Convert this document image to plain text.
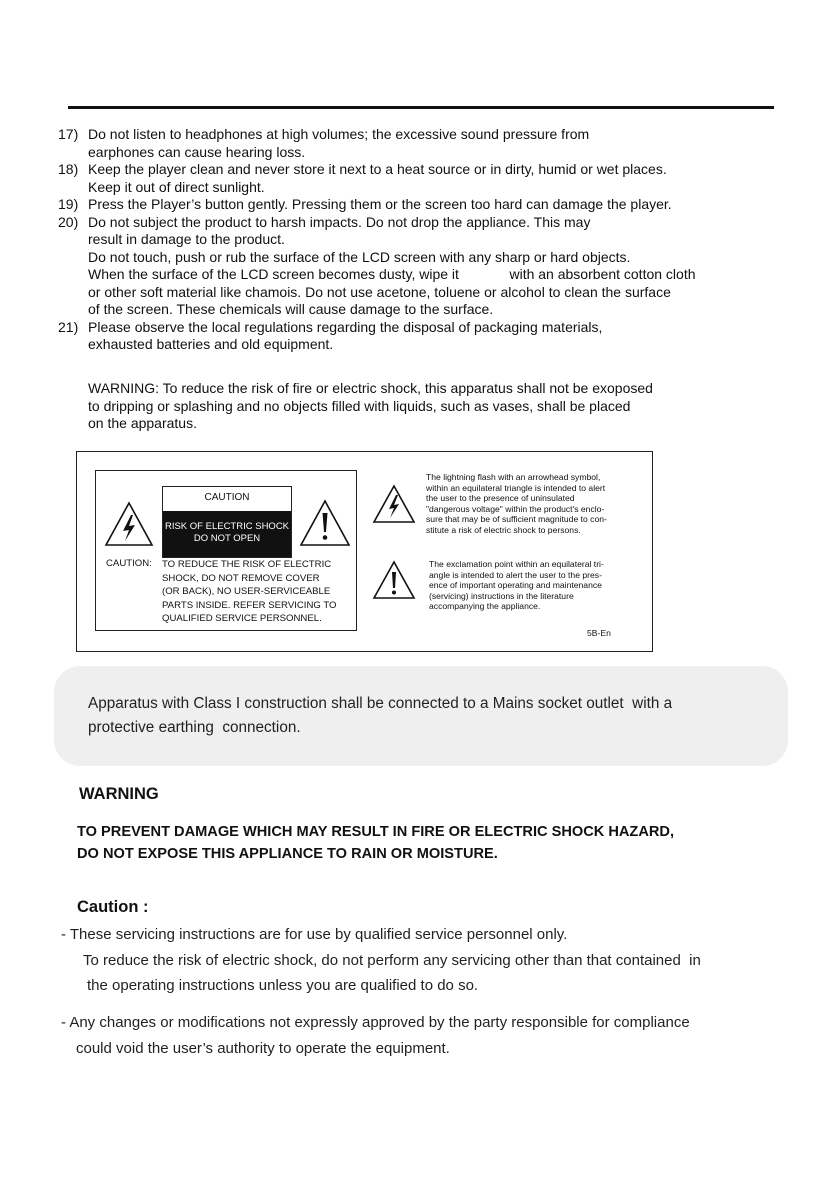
17) Do not listen to headphones at high volumes; the excessive sound pressure from
earphones can cause hearing loss.
18) Keep the player clean and never store it next to a heat source or in dirty, humid or wet places.
Keep it out of direct sunlight.
19) Press the Player’s button gently. Pressing them or the screen too hard can damage the player.
20) Do not subject the product to harsh impacts. Do not drop the appliance. This may
result in damage to the product.
Do not touch, push or rub the surface of the LCD screen with any sharp or hard objects.
When the surface of the LCD screen becomes dusty, wipe it             with an absorbent cotton cloth
or other soft material like chamois. Do not use acetone, toluene or alcohol to clean the surface
of the screen. These chemicals will cause damage to the surface.
21) Please observe the local regulations regarding the disposal of packaging materials,
exhausted batteries and old equipment.
WARNING: To reduce the risk of fire or electric shock, this apparatus shall not be exoposed
to dripping or splashing and no objects filled with liquids, such as vases, shall be placed
on the apparatus.
CAUTION
RISK OF ELECTRIC SHOCK
DO NOT OPEN
CAUTION: TO REDUCE THE RISK OF ELECTRIC
SHOCK, DO NOT REMOVE COVER
(OR BACK), NO USER-SERVICEABLE
PARTS INSIDE. REFER SERVICING TO
QUALIFIED SERVICE PERSONNEL.
The lightning flash with an arrowhead symbol,
within an equilateral triangle is intended to alert
the user to the presence of uninsulated
"dangerous voltage" within the product's enclo-
sure that may be of sufficient magnitude to con-
stitute a risk of electric shock to persons.
The exclamation point within an equilateral tri-
angle is intended to alert the user to the pres-
ence of important operating and maintenance
(servicing) instructions in the literature
accompanying the appliance.
5B-En
Apparatus with Class I construction shall be connected to a Mains socket outlet  with a
protective earthing  connection.
WARNING
TO PREVENT DAMAGE WHICH MAY RESULT IN FIRE OR ELECTRIC SHOCK HAZARD,
DO NOT EXPOSE THIS APPLIANCE TO RAIN OR MOISTURE.
Caution :
- These servicing instructions are for use by qualified service personnel only.
To reduce the risk of electric shock, do not perform any servicing other than that contained  in
the operating instructions unless you are qualified to do so.
- Any changes or modifications not expressly approved by the party responsible for compliance
could void the user’s authority to operate the equipment.
